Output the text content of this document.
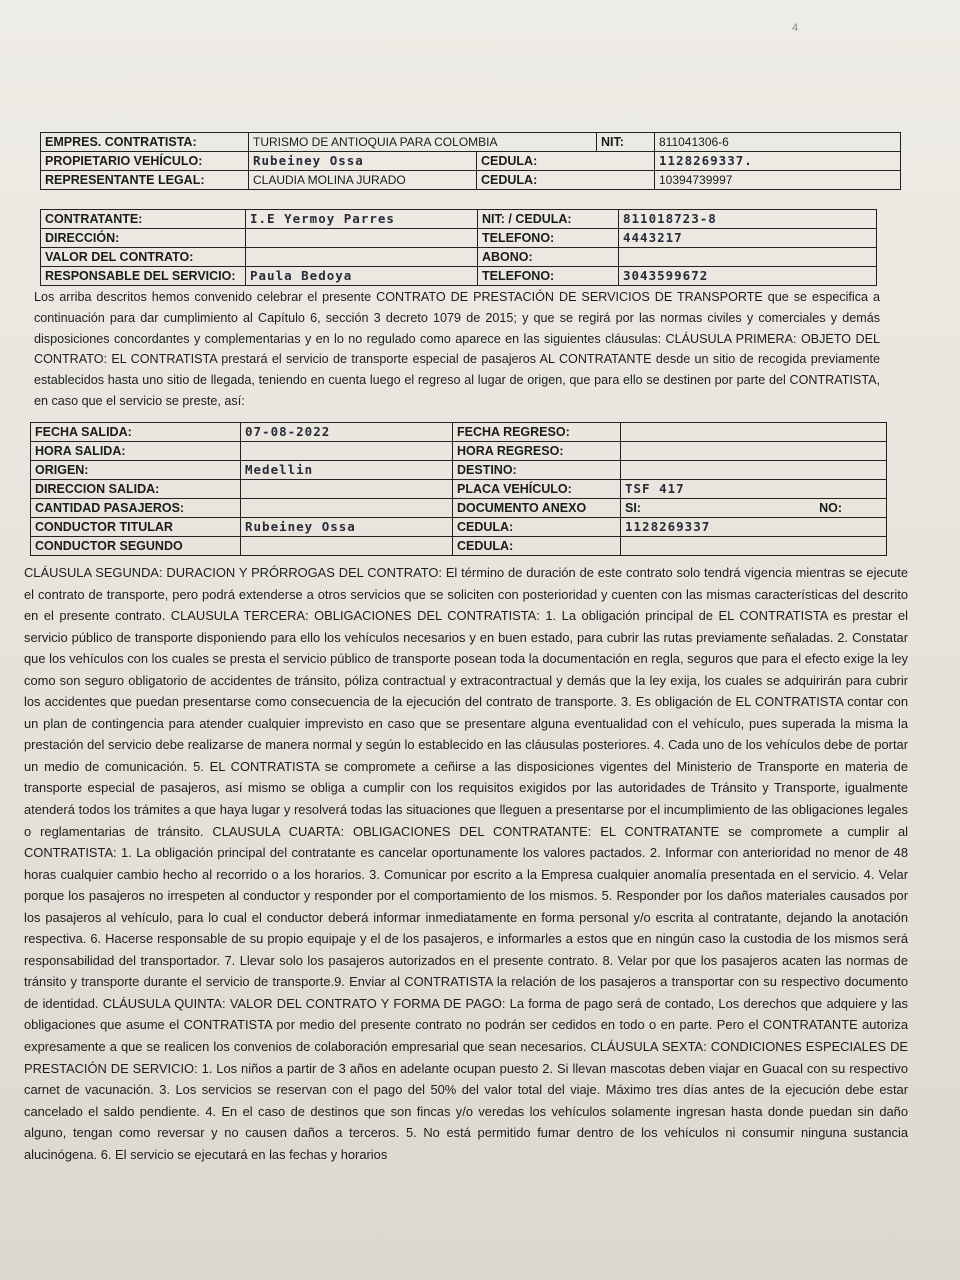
4
EMPRES. CONTRATISTA:	TURISMO DE ANTIOQUIA PARA COLOMBIA		NIT:	811041306-6
PROPIETARIO VEHÍCULO:	Rubeiney Ossa	CEDULA:		1128269337.
REPRESENTANTE LEGAL:	CLAUDIA MOLINA JURADO	CEDULA:		10394739997
CONTRATANTE:	I.E Yermoy Parres	NIT: / CEDULA:	811018723-8
DIRECCIÓN:		TELEFONO:	4443217
VALOR DEL CONTRATO:		ABONO:	
RESPONSABLE DEL SERVICIO:	Paula Bedoya	TELEFONO:	3043599672
Los arriba descritos hemos convenido celebrar el presente CONTRATO DE PRESTACIÓN DE SERVICIOS DE TRANSPORTE que se especifica a continuación para dar cumplimiento al Capítulo 6, sección 3 decreto 1079 de 2015; y que se regirá por las normas civiles y comerciales y demás disposiciones concordantes y complementarias y en lo no regulado como aparece en las siguientes cláusulas: CLÁUSULA PRIMERA: OBJETO DEL CONTRATO: EL CONTRATISTA prestará el servicio de transporte especial de pasajeros AL CONTRATANTE desde un sitio de recogida previamente establecidos hasta uno sitio de llegada, teniendo en cuenta luego el regreso al lugar de origen, que para ello se destinen por parte del CONTRATISTA, en caso que el servicio se preste, así:
FECHA SALIDA:	07-08-2022	FECHA REGRESO:	
HORA SALIDA:		HORA REGRESO:	
ORIGEN:	Medellin	DESTINO:	
DIRECCION SALIDA:		PLACA VEHÍCULO:	TSF 417
CANTIDAD PASAJEROS:		DOCUMENTO ANEXO	SI: NO:

CONDUCTOR TITULAR	Rubeiney Ossa	CEDULA:	1128269337
CONDUCTOR SEGUNDO		CEDULA:	
CLÁUSULA SEGUNDA: DURACION Y PRÓRROGAS DEL CONTRATO: El término de duración de este contrato solo tendrá vigencia mientras se ejecute el contrato de transporte, pero podrá extenderse a otros servicios que se soliciten con posterioridad y cuenten con las mismas características del descrito en el presente contrato. CLAUSULA TERCERA: OBLIGACIONES DEL CONTRATISTA: 1. La obligación principal de EL CONTRATISTA es prestar el servicio público de transporte disponiendo para ello los vehículos necesarios y en buen estado, para cubrir las rutas previamente señaladas. 2. Constatar que los vehículos con los cuales se presta el servicio público de transporte posean toda la documentación en regla, seguros que para el efecto exige la ley como son seguro obligatorio de accidentes de tránsito, póliza contractual y extracontractual y demás que la ley exija, los cuales se adquirirán para cubrir los accidentes que puedan presentarse como consecuencia de la ejecución del contrato de transporte. 3. Es obligación de EL CONTRATISTA contar con un plan de contingencia para atender cualquier imprevisto en caso que se presentare alguna eventualidad con el vehículo, pues superada la misma la prestación del servicio debe realizarse de manera normal y según lo establecido en las cláusulas posteriores. 4. Cada uno de los vehículos debe de portar un medio de comunicación. 5. EL CONTRATISTA se compromete a ceñirse a las disposiciones vigentes del Ministerio de Transporte en materia de transporte especial de pasajeros, así mismo se obliga a cumplir con los requisitos exigidos por las autoridades de Tránsito y Transporte, igualmente atenderá todos los trámites a que haya lugar y resolverá todas las situaciones que lleguen a presentarse por el incumplimiento de las obligaciones legales o reglamentarias de tránsito. CLAUSULA CUARTA: OBLIGACIONES DEL CONTRATANTE: EL CONTRATANTE se compromete a cumplir al CONTRATISTA: 1. La obligación principal del contratante es cancelar oportunamente los valores pactados. 2. Informar con anterioridad no menor de 48 horas cualquier cambio hecho al recorrido o a los horarios. 3. Comunicar por escrito a la Empresa cualquier anomalía presentada en el servicio. 4. Velar porque los pasajeros no irrespeten al conductor y responder por el comportamiento de los mismos. 5. Responder por los daños materiales causados por los pasajeros al vehículo, para lo cual el conductor deberá informar inmediatamente en forma personal y/o escrita al contratante, dejando la anotación respectiva. 6. Hacerse responsable de su propio equipaje y el de los pasajeros, e informarles a estos que en ningún caso la custodia de los mismos será responsabilidad del transportador. 7. Llevar solo los pasajeros autorizados en el presente contrato. 8. Velar por que los pasajeros acaten las normas de tránsito y transporte durante el servicio de transporte.9. Enviar al CONTRATISTA la relación de los pasajeros a transportar con su respectivo documento de identidad. CLÁUSULA QUINTA: VALOR DEL CONTRATO Y FORMA DE PAGO: La forma de pago será de contado, Los derechos que adquiere y las obligaciones que asume el CONTRATISTA por medio del presente contrato no podrán ser cedidos en todo o en parte. Pero el CONTRATANTE autoriza expresamente a que se realicen los convenios de colaboración empresarial que sean necesarios. CLÁUSULA SEXTA: CONDICIONES ESPECIALES DE PRESTACIÓN DE SERVICIO: 1. Los niños a partir de 3 años en adelante ocupan puesto 2. Si llevan mascotas deben viajar en Guacal con su respectivo carnet de vacunación. 3. Los servicios se reservan con el pago del 50% del valor total del viaje. Máximo tres días antes de la ejecución debe estar cancelado el saldo pendiente. 4. En el caso de destinos que son fincas y/o veredas los vehículos solamente ingresan hasta donde puedan sin daño alguno, tengan como reversar y no causen daños a terceros. 5. No está permitido fumar dentro de los vehículos ni consumir ninguna sustancia alucinógena. 6. El servicio se ejecutará en las fechas y horarios
